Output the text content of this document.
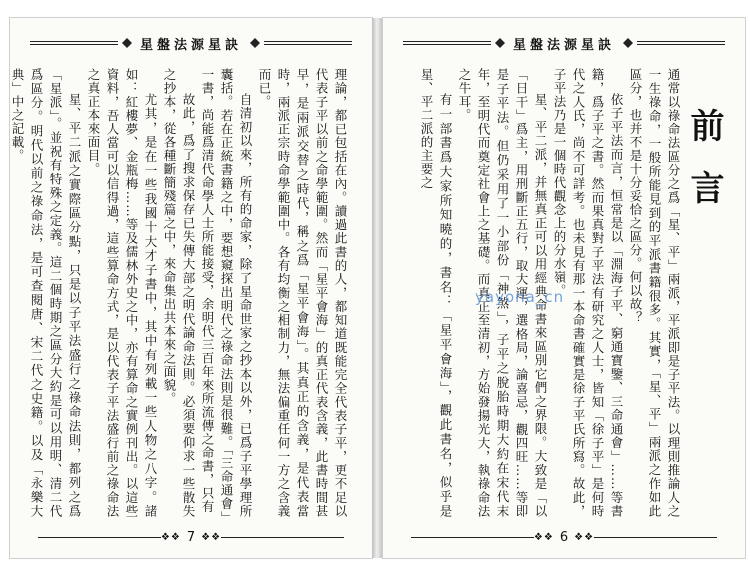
星盤法源星訣

理論，都已包括在內。讀過此書的人，都知道既能完全代表子平，更不足以代表子平以前之命學範圍。然而「星平會海」的真正代表含義，此書時間甚早，是兩派交替之時代，稱之爲「星平會海」。其真正的含義，是代表當時，兩派正宗時命學範圍中。各有均衡之相制力，無法偏重任何一方之含義而已。

自清初以來，所有的命家，除了星命世家之抄本以外，已爲子平學理所囊括。若在正統書籍之中，要想窺探出明代之祿命法則是很難。「三命通會」一書，尚能爲清代命學人士所能接受，余明代三百年來所流傳之命書，只有

故此，爲了搜求保存已失傳大部之明代論命法則。必須要仰求一些散失之抄本，從各種斷簡殘篇之中，來命集出共本來之面貌。

尤其，是在一些我國十大才子書中，其中有列載一些人物之八字。諸如：紅樓夢、金瓶梅……等及儒林外史之中，亦有算命之實例刊出。以這些資料，吾人當可以信得過，這些算命方式，是以代表子平法盛行前之祿命法之真正本來面目。

星、平二派之實際區分點，只是以子平法盛行之祿命法則，都列之爲「星派」。並祝有特殊之定義。這二個時期之區分大約是可以用明、清二代爲區分。明代以前之祿命法，是可查閱唐、宋二代之史籍。以及「永樂大典」中之記載。

❖❖ 7 ❖❖
星盤法源星訣
前言

通常以祿命法區分之爲「星、平」兩派，平派即是子平法。以理則推論人之一生祿命，一般所能見到的平派書籍很多。其實，「星、平」兩派之作如此區分，也并不是十分妥恰之區分。何以故？

依子平法而言，恒常是以「淵海子平、窮通寶鑒、三命通會」……等書籍，爲子平之書。然而果真對子平法有研究之人士，皆知「徐子平」是何時代之人氏，尚不可詳考。也未見有那一本命書確實是徐子平氏所寫。故此，子平法乃是一個時代觀念上的分水嶺。

星、平二派，并無真正可以用經典命書來區別它們之界限。大致是「以「日干」爲主，用刑斷正五行，取大運，選格局，論喜忌，觀四旺……等即是子平法。但仍采用了一小部份「神煞」，子平之脫胎時期大約在宋代末年，至明代而奠定社會上之基礎。而真正至清初，方始發揚光大，執祿命法之牛耳。

有一部書爲大家所知曉的，書名：「星平會海」，觀此書名，似乎是星、平二派的主要之

❖❖ 6 ❖❖
yayona_cn
